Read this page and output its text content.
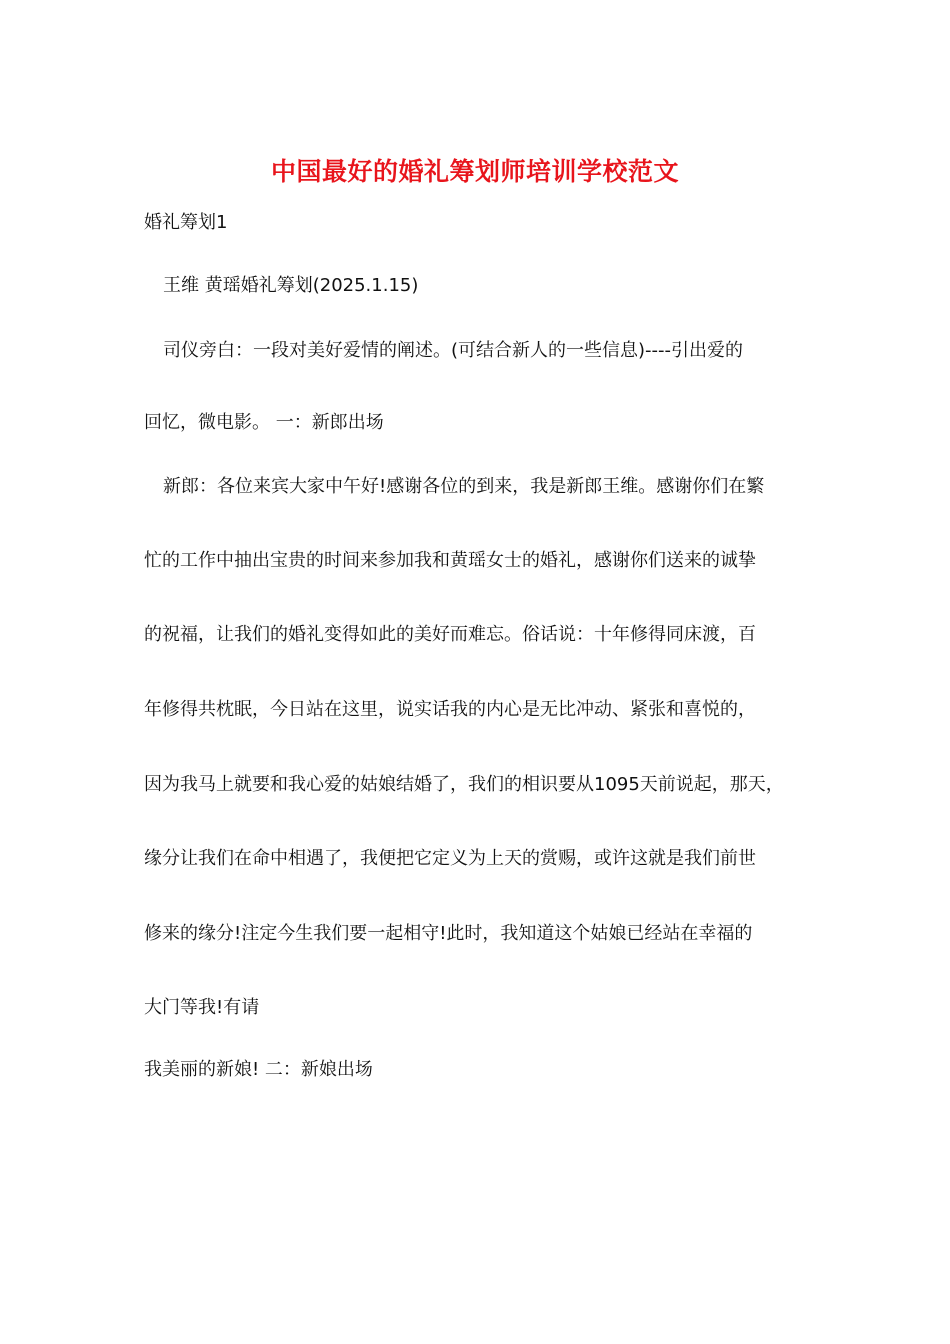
中国最好的婚礼筹划师培训学校范文
婚礼筹划1
王维 黄瑶婚礼筹划(2025.1.15)
司仪旁白：一段对美好爱情的阐述。(可结合新人的一些信息)----引出爱的
回忆，微电影。 一：新郎出场
新郎：各位来宾大家中午好!感谢各位的到来，我是新郎王维。感谢你们在繁
忙的工作中抽出宝贵的时间来参加我和黄瑶女士的婚礼，感谢你们送来的诚挚
的祝福，让我们的婚礼变得如此的美好而难忘。俗话说：十年修得同床渡，百
年修得共枕眠，今日站在这里，说实话我的内心是无比冲动、紧张和喜悦的，
因为我马上就要和我心爱的姑娘结婚了，我们的相识要从1095天前说起，那天，
缘分让我们在命中相遇了，我便把它定义为上天的赏赐，或许这就是我们前世
修来的缘分!注定今生我们要一起相守!此时，我知道这个姑娘已经站在幸福的
大门等我!有请
我美丽的新娘! 二：新娘出场
